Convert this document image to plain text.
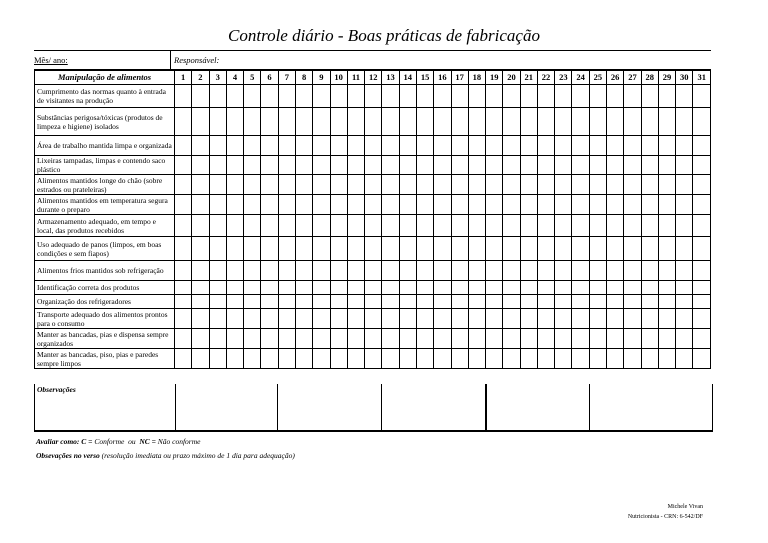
Controle diário - Boas práticas de fabricação
Mês/ ano:	Responsável:
Manipulação de alimentos	1	2	3	4	5	6	7	8	9	10	11	12	13	14	15	16	17	18	19	20	21	22	23	24	25	26	27	28	29	30	31
Cumprimento das normas quanto à entrada de visitantes na produção																															
Substâncias perigosa/tóxicas (produtos de limpeza e higiene) isolados																															
Área de trabalho mantida limpa e organizada																															
Lixeiras tampadas, limpas e contendo saco plástico																															
Alimentos mantidos longe do chão (sobre estrados ou prateleiras)																															
Alimentos mantidos em temperatura segura durante o preparo																															
Armazenamento adequado, em tempo e local, das produtos recebidos																															
Uso adequado de panos (limpos, em boas condições e sem fiapos)																															
Alimentos frios mantidos sob refrigeração																															
Identificação correta dos produtos																															
Organização dos refrigeradores																															
Transporte adequado dos alimentos prontos para o consumo																															
Manter as bancadas, pias e dispensa sempre organizados																															
Manter as bancadas, piso, pias e paredes sempre limpos																															
Observações
Avaliar como: C = Conforme ou NC = Não conforme
Obsevações no verso (resolução imediata ou prazo máximo de 1 dia para adequação)
Michele Vivan
Nutricionista - CRN: 6-542/DF
